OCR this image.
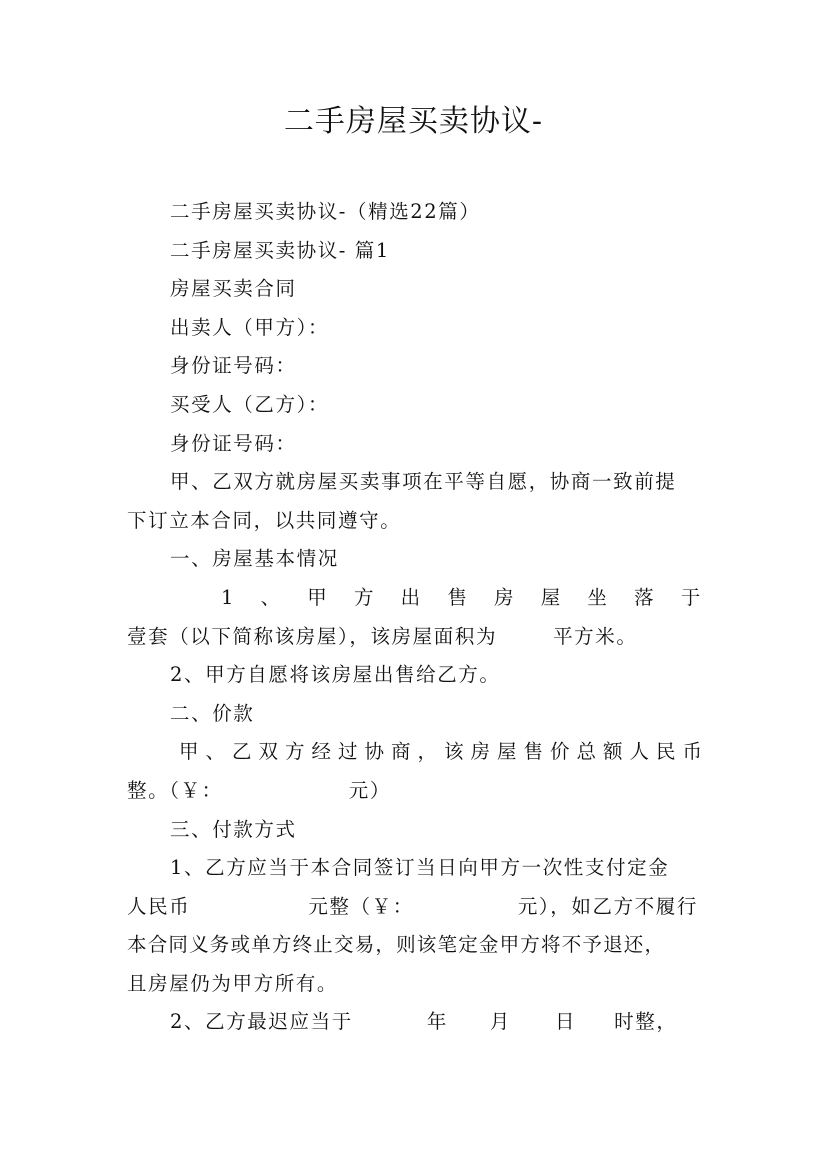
二手房屋买卖协议-

二手房屋买卖协议-（精选22篇）

二手房屋买卖协议- 篇1

房屋买卖合同

出卖人（甲方）：

身份证号码：

买受人（乙方）：

身份证号码：

甲、乙双方就房屋买卖事项在平等自愿，协商一致前提

下订立本合同，以共同遵守。

一、房屋基本情况

1 、 甲 方 出 售 房 屋 坐 落 于

壹套（以下简称该房屋），该房屋面积为	平方米。

2、甲方自愿将该房屋出售给乙方。

二、价款

甲、乙双方经过协商，该房屋售价总额人民币

整。（￥：	元）

三、付款方式

1、乙方应当于本合同签订当日向甲方一次性支付定金

人民币	元整（￥：	元），如乙方不履行

本合同义务或单方终止交易，则该笔定金甲方将不予退还，

且房屋仍为甲方所有。

2、乙方最迟应当于	年 月 日 时整，
